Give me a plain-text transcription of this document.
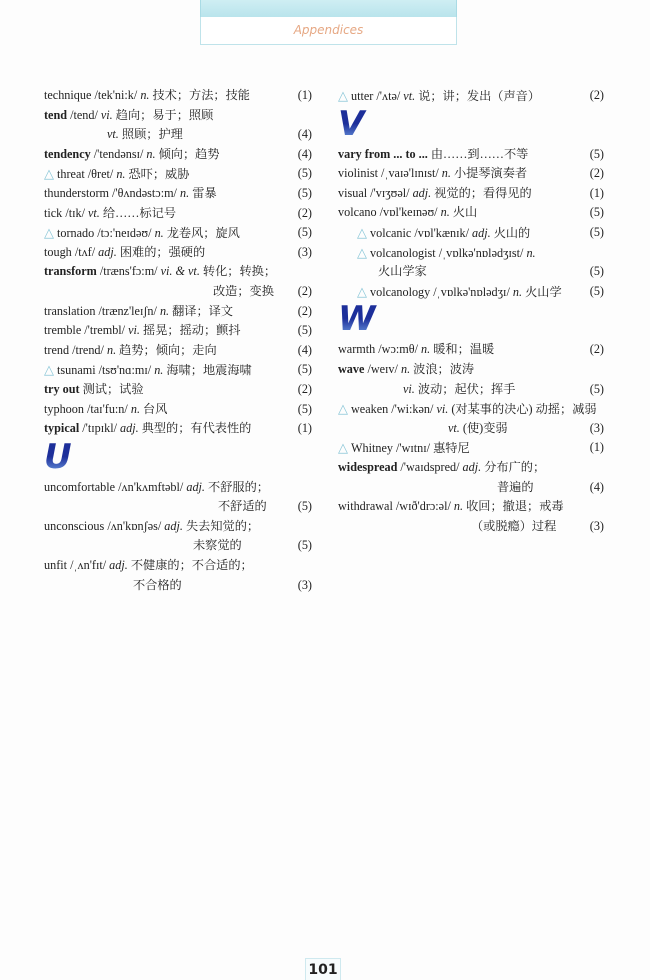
Appendices
technique /tek'ni:k/ n. 技术；方法；技能	(1)
tend /tend/ vi. 趋向；易于；照顾
vt. 照顾；护理	(4)
tendency /'tendənsɪ/ n. 倾向；趋势	(4)
△ threat /θret/ n. 恐吓；威胁	(5)
thunderstorm /'θʌndəstɔ:m/ n. 雷暴	(5)
tick /tɪk/ vt. 给……标记号	(2)
△ tornado /tɔ:'neɪdəʊ/ n. 龙卷风；旋风	(5)
tough /tʌf/ adj. 困难的；强硬的	(3)
transform /træns'fɔ:m/ vi. & vt. 转化；转换；
改造；变换 (2)
translation /trænz'leɪʃn/ n. 翻译；译文	(2)
tremble /'trembl/ vi. 摇晃；摇动；颤抖	(5)
trend /trend/ n. 趋势；倾向；走向	(4)
△ tsunami /tsʊ'nɑ:mɪ/ n. 海啸；地震海啸	(5)
try out 测试；试验	(2)
typhoon /taɪ'fu:n/ n. 台风	(5)
typical /'tɪpɪkl/ adj. 典型的；有代表性的	(1)
U
uncomfortable /ʌn'kʌmftəbl/ adj. 不舒服的；
不舒适的	(5)
unconscious /ʌn'kɒnʃəs/ adj. 失去知觉的；
未察觉的	(5)
unfit /ˌʌn'fɪt/ adj. 不健康的；不合适的；
不合格的	(3)
△ utter /'ʌtə/ vt. 说；讲；发出（声音）	(2)
V
vary from ... to ... 由……到……不等	(5)
violinist /ˌvaɪə'lɪnɪst/ n. 小提琴演奏者	(2)
visual /'vɪʒʊəl/ adj. 视觉的；看得见的	(1)
volcano /vɒl'keɪnəʊ/ n. 火山	(5)
△ volcanic /vɒl'kænɪk/ adj. 火山的	(5)
△ volcanologist /ˌvɒlkə'nɒlədʒɪst/ n.
火山学家	(5)
△ volcanology /ˌvɒlkə'nɒlədʒɪ/ n. 火山学 (5)
W
warmth /wɔ:mθ/ n. 暖和；温暖	(2)
wave /weɪv/ n. 波浪；波涛
vi. 波动；起伏；挥手	(5)
△ weaken /'wi:kən/ vi. (对某事的决心) 动摇；减弱
vt. (使)变弱	(3)
△ Whitney /'wɪtnɪ/ 惠特尼	(1)
widespread /'waɪdspred/ adj. 分布广的；
普遍的	(4)
withdrawal /wɪð'drɔ:əl/ n. 收回；撤退；戒毒
（或脱瘾）过程	(3)
101
